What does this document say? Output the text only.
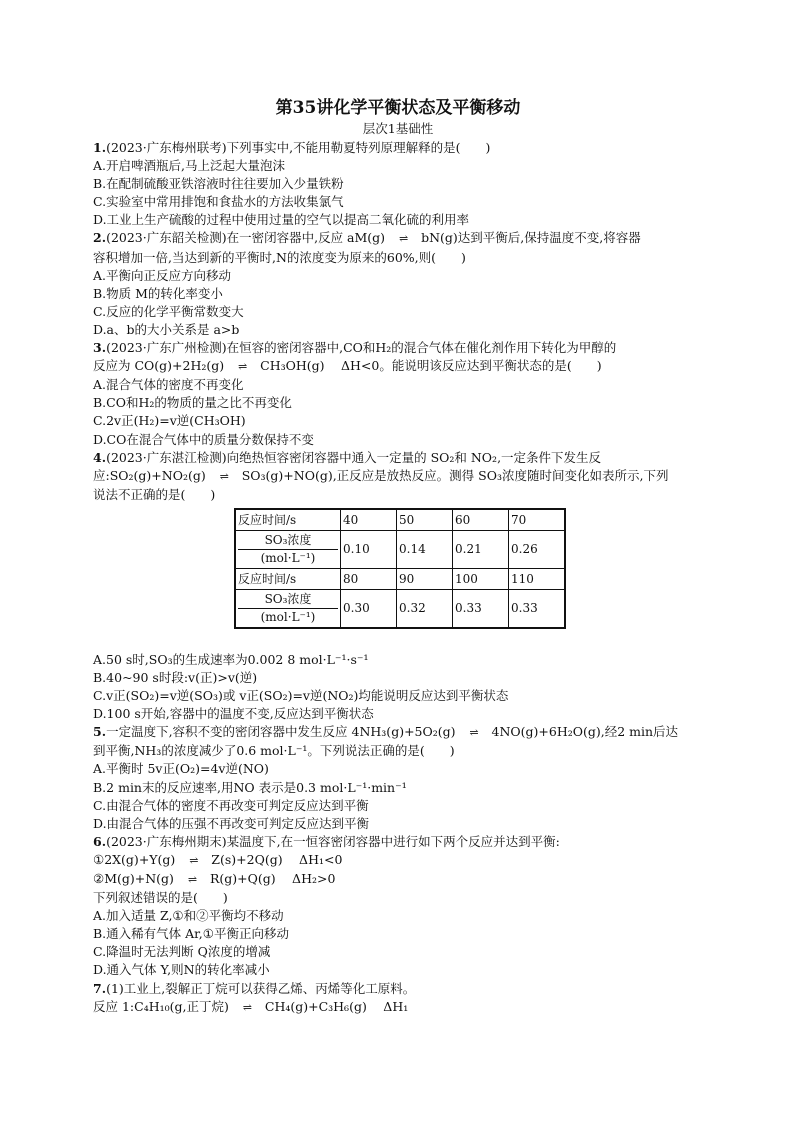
第35讲化学平衡状态及平衡移动

层次1基础性

1.(2023·广东梅州联考)下列事实中,不能用勒夏特列原理解释的是(　　)

A.开启啤酒瓶后,马上泛起大量泡沫

B.在配制硫酸亚铁溶液时往往要加入少量铁粉

C.实验室中常用排饱和食盐水的方法收集氯气

D.工业上生产硫酸的过程中使用过量的空气以提高二氧化硫的利用率

2.(2023·广东韶关检测)在一密闭容器中,反应 aM(g) ⇌ bN(g)达到平衡后,保持温度不变,将容器

容积增加一倍,当达到新的平衡时,N的浓度变为原来的60%,则(　　)

A.平衡向正反应方向移动

B.物质 M的转化率变小

C.反应的化学平衡常数变大

D.a、b的大小关系是 a>b

3.(2023·广东广州检测)在恒容的密闭容器中,CO和H₂的混合气体在催化剂作用下转化为甲醇的

反应为 CO(g)+2H₂(g) ⇌ CH₃OH(g)　 ΔH<0。能说明该反应达到平衡状态的是(　　)

A.混合气体的密度不再变化

B.CO和H₂的物质的量之比不再变化

C.2v正(H₂)=v逆(CH₃OH)

D.CO在混合气体中的质量分数保持不变

4.(2023·广东湛江检测)向绝热恒容密闭容器中通入一定量的 SO₂和 NO₂,一定条件下发生反

应:SO₂(g)+NO₂(g) ⇌ SO₃(g)+NO(g),正反应是放热反应。测得 SO₃浓度随时间变化如表所示,下列

说法不正确的是(　　)

反应时间/s	40	50	60	70

SO₃浓度
(mol·L⁻¹)	0.10	0.14	0.21	0.26
反应时间/s	80	90	100	110

SO₃浓度
(mol·L⁻¹)	0.30	0.32	0.33	0.33

A.50 s时,SO₃的生成速率为0.002 8 mol·L⁻¹·s⁻¹

B.40~90 s时段:v(正)>v(逆)

C.v正(SO₂)=v逆(SO₃)或 v正(SO₂)=v逆(NO₂)均能说明反应达到平衡状态

D.100 s开始,容器中的温度不变,反应达到平衡状态

5.一定温度下,容积不变的密闭容器中发生反应 4NH₃(g)+5O₂(g) ⇌ 4NO(g)+6H₂O(g),经2 min后达

到平衡,NH₃的浓度减少了0.6 mol·L⁻¹。下列说法正确的是(　　)

A.平衡时 5v正(O₂)=4v逆(NO)

B.2 min末的反应速率,用NO 表示是0.3 mol·L⁻¹·min⁻¹

C.由混合气体的密度不再改变可判定反应达到平衡

D.由混合气体的压强不再改变可判定反应达到平衡

6.(2023·广东梅州期末)某温度下,在一恒容密闭容器中进行如下两个反应并达到平衡:

①2X(g)+Y(g) ⇌ Z(s)+2Q(g)　 ΔH₁<0

②M(g)+N(g) ⇌ R(g)+Q(g)　 ΔH₂>0

下列叙述错误的是(　　)

A.加入适量 Z,①和②平衡均不移动

B.通入稀有气体 Ar,①平衡正向移动

C.降温时无法判断 Q浓度的增减

D.通入气体 Y,则N的转化率减小

7.(1)工业上,裂解正丁烷可以获得乙烯、丙烯等化工原料。

反应 1:C₄H₁₀(g,正丁烷) ⇌ CH₄(g)+C₃H₆(g)　 ΔH₁
